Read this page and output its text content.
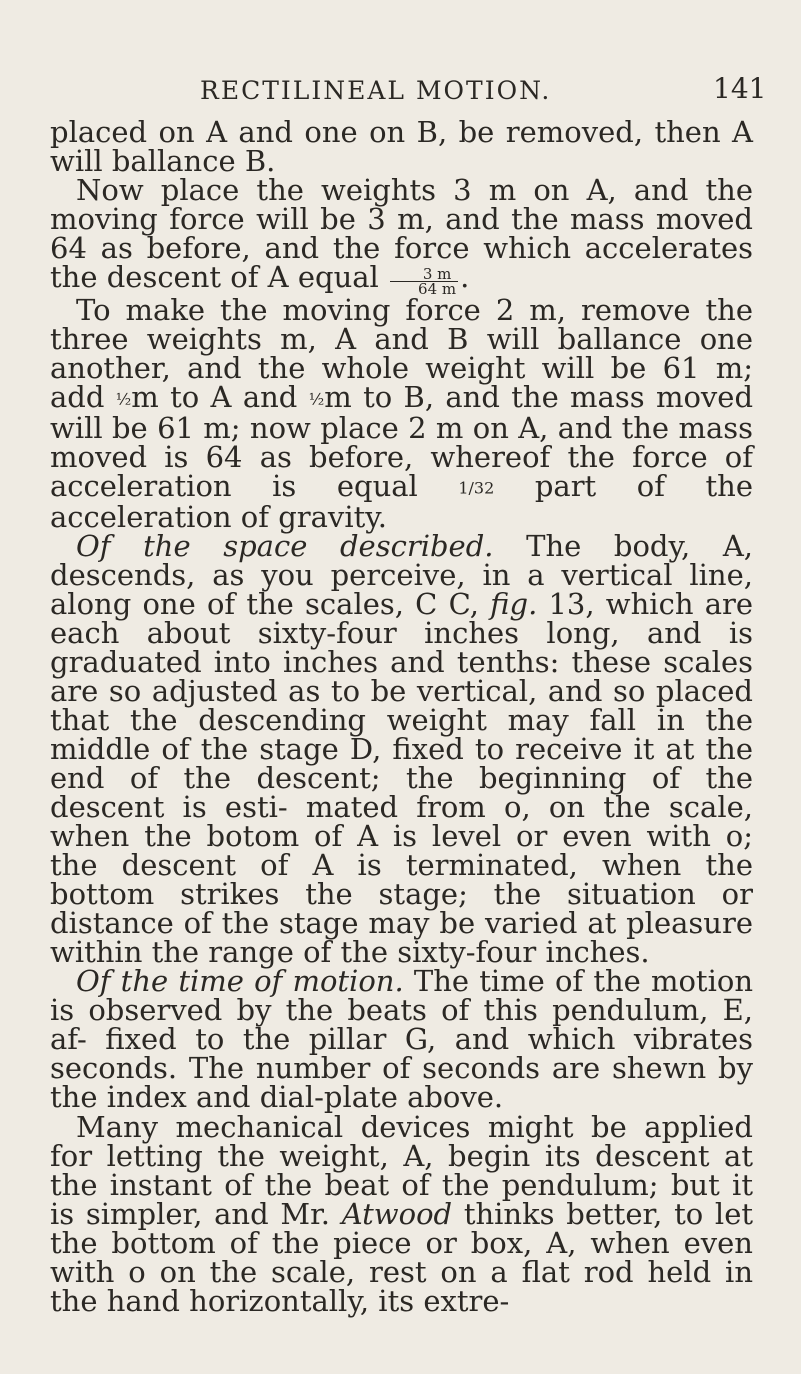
RECTILINEAL MOTION.	141

placed on A and one on B, be removed, then A will ballance B.

Now place the weights 3 m on A, and the moving force will be 3 m, and the mass moved 64 as before, and the force which accelerates the descent of A equal $\frac{3 m}{64 m}$ .

To make the moving force 2 m, remove the three weights m, A and B will ballance one another, and the whole weight will be 61 m; add ½m to A and ½m to B, and the mass moved will be 61 m; now place 2 m on A, and the mass moved is 64 as before, whereof the force of acceleration is equal	1/32 part of the acceleration of gravity.

Of the space described. The body, A, descends, as you perceive, in a vertical line, along one of the scales, C C, fig. 13, which are each about sixty-four inches long, and is graduated into inches and tenths: these scales are so adjusted as to be vertical, and so placed that the descending weight may fall in the middle of the stage D, fixed to receive it at the end of the descent; the beginning of the descent is esti- mated from o, on the scale, when the botom of A is level or even with o; the descent of A is terminated, when the bottom strikes the stage; the situation or distance of the stage may be varied at pleasure within the range of the sixty-four inches.

Of the time of motion. The time of the motion is observed by the beats of this pendulum, E, af- fixed to the pillar G, and which vibrates seconds. The number of seconds are shewn by the index and dial-plate above.

Many mechanical devices might be applied for letting the weight, A, begin its descent at the instant of the beat of the pendulum; but it is simpler, and Mr. Atwood thinks better, to let the bottom of the piece or box, A, when even with o on the scale, rest on a flat rod held in the hand horizontally, its extre-
